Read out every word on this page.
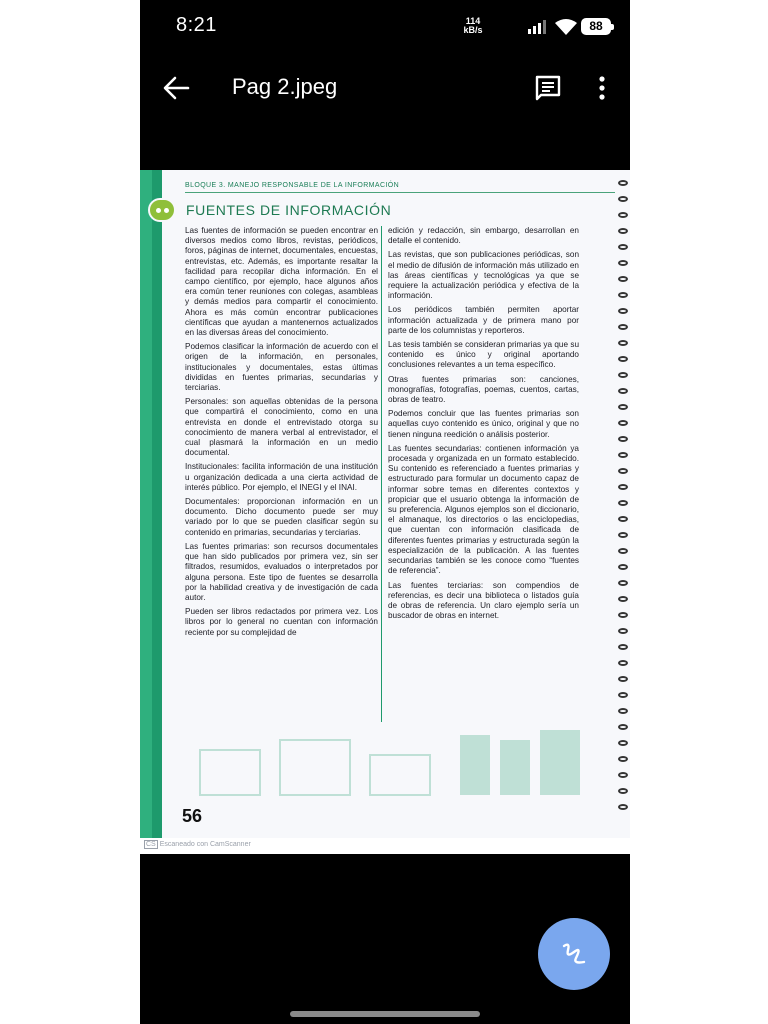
8:21	114
kB/s	88
Pag 2.jpeg
BLOQUE 3. MANEJO RESPONSABLE DE LA INFORMACIÓN
FUENTES DE INFORMACIÓN

Las fuentes de información se pueden encontrar en diversos medios como libros, revistas, periódicos, foros, páginas de internet, documentales, encuestas, entrevistas, etc. Además, es importante resaltar la facilidad para recopilar dicha información. En el campo científico, por ejemplo, hace algunos años era común tener reuniones con colegas, asambleas y demás medios para compartir el conocimiento. Ahora es más común encontrar publicaciones científicas que ayudan a mantenernos actualizados en las diversas áreas del conocimiento.

Podemos clasificar la información de acuerdo con el origen de la información, en personales, institucionales y documentales, estas últimas divididas en fuentes primarias, secundarias y terciarias.

Personales: son aquellas obtenidas de la persona que compartirá el conocimiento, como en una entrevista en donde el entrevistado otorga su conocimiento de manera verbal al entrevistador, el cual plasmará la información en un medio documental.

Institucionales: facilita información de una institución u organización dedicada a una cierta actividad de interés público. Por ejemplo, el INEGI y el INAI.

Documentales: proporcionan información en un documento. Dicho documento puede ser muy variado por lo que se pueden clasificar según su contenido en primarias, secundarias y terciarias.

Las fuentes primarias: son recursos documentales que han sido publicados por primera vez, sin ser filtrados, resumidos, evaluados o interpretados por alguna persona. Este tipo de fuentes se desarrolla por la habilidad creativa y de investigación de cada autor.

Pueden ser libros redactados por primera vez. Los libros por lo general no cuentan con información reciente por su complejidad de

edición y redacción, sin embargo, desarrollan en detalle el contenido.

Las revistas, que son publicaciones periódicas, son el medio de difusión de información más utilizado en las áreas científicas y tecnológicas ya que se requiere la actualización periódica y efectiva de la información.

Los periódicos también permiten aportar información actualizada y de primera mano por parte de los columnistas y reporteros.

Las tesis también se consideran primarias ya que su contenido es único y original aportando conclusiones relevantes a un tema específico.

Otras fuentes primarias son: canciones, monografías, fotografías, poemas, cuentos, cartas, obras de teatro.

Podemos concluir que las fuentes primarias son aquellas cuyo contenido es único, original y que no tienen ninguna reedición o análisis posterior.

Las fuentes secundarias: contienen información ya procesada y organizada en un formato establecido. Su contenido es referenciado a fuentes primarias y estructurado para formular un documento capaz de informar sobre temas en diferentes contextos y propiciar que el usuario obtenga la información de su preferencia. Algunos ejemplos son el diccionario, el almanaque, los directorios o las enciclopedias, que cuentan con información clasificada de diferentes fuentes primarias y estructurada según la especialización de la publicación. A las fuentes secundarias también se les conoce como “fuentes de referencia”.

Las fuentes terciarias: son compendios de referencias, es decir una biblioteca o listados guía de obras de referencia. Un claro ejemplo sería un buscador de obras en internet.

56
CS Escaneado con CamScanner
